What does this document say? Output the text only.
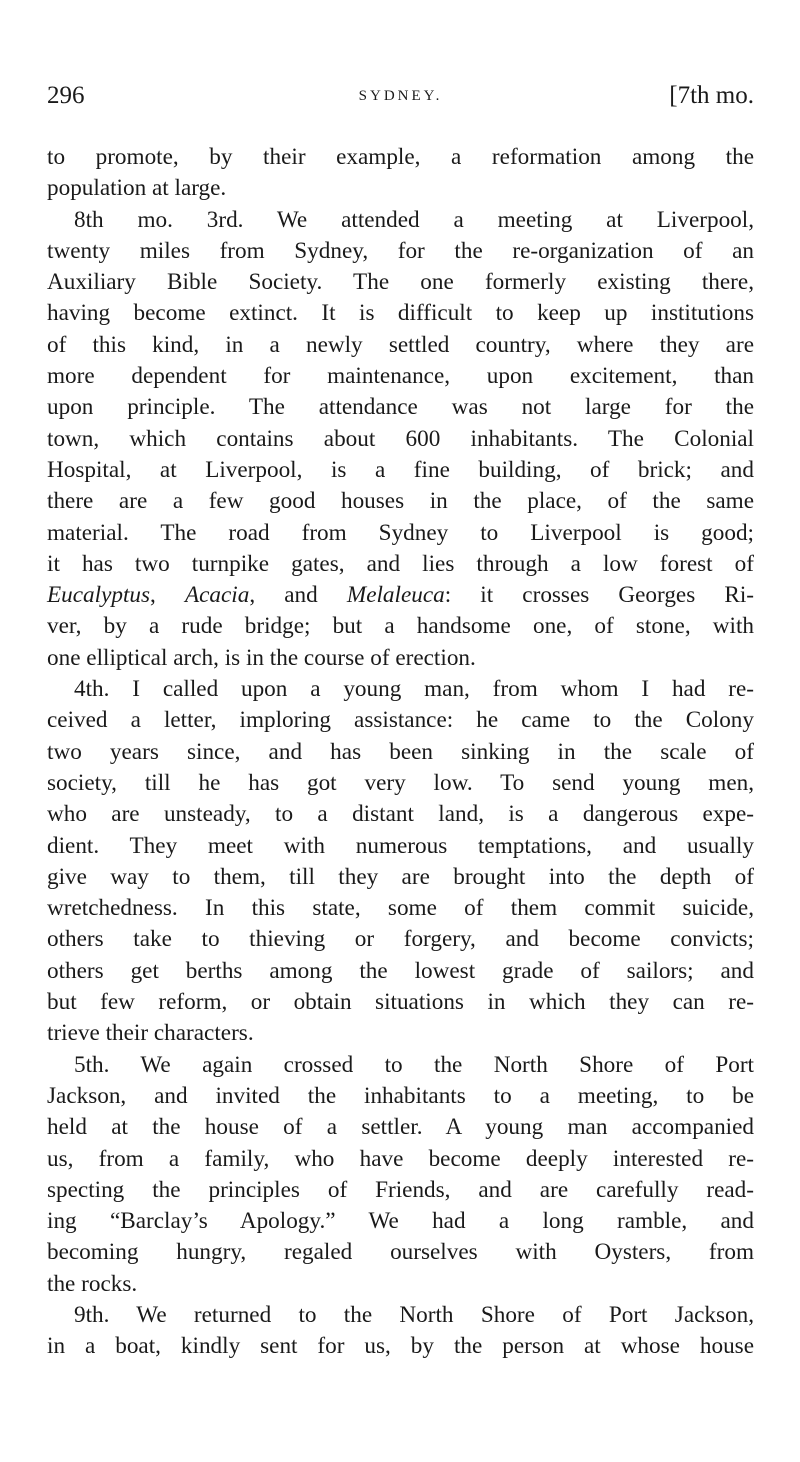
296	SYDNEY.	[7th mo.

to promote, by their example, a reformation among the
population at large.

8th mo. 3rd. We attended a meeting at Liverpool,
twenty miles from Sydney, for the re-organization of an
Auxiliary Bible Society. The one formerly existing there,
having become extinct. It is difficult to keep up institutions
of this kind, in a newly settled country, where they are
more dependent for maintenance, upon excitement, than
upon principle. The attendance was not large for the
town, which contains about 600 inhabitants. The Colonial
Hospital, at Liverpool, is a fine building, of brick; and
there are a few good houses in the place, of the same
material. The road from Sydney to Liverpool is good;
it has two turnpike gates, and lies through a low forest of
Eucalyptus, Acacia, and Melaleuca: it crosses Georges Ri-
ver, by a rude bridge; but a handsome one, of stone, with
one elliptical arch, is in the course of erection.

4th. I called upon a young man, from whom I had re-
ceived a letter, imploring assistance: he came to the Colony
two years since, and has been sinking in the scale of
society, till he has got very low. To send young men,
who are unsteady, to a distant land, is a dangerous expe-
dient. They meet with numerous temptations, and usually
give way to them, till they are brought into the depth of
wretchedness. In this state, some of them commit suicide,
others take to thieving or forgery, and become convicts;
others get berths among the lowest grade of sailors; and
but few reform, or obtain situations in which they can re-
trieve their characters.

5th. We again crossed to the North Shore of Port
Jackson, and invited the inhabitants to a meeting, to be
held at the house of a settler. A young man accompanied
us, from a family, who have become deeply interested re-
specting the principles of Friends, and are carefully read-
ing “Barclay’s Apology.” We had a long ramble, and
becoming hungry, regaled ourselves with Oysters, from
the rocks.

9th. We returned to the North Shore of Port Jackson,
in a boat, kindly sent for us, by the person at whose house
